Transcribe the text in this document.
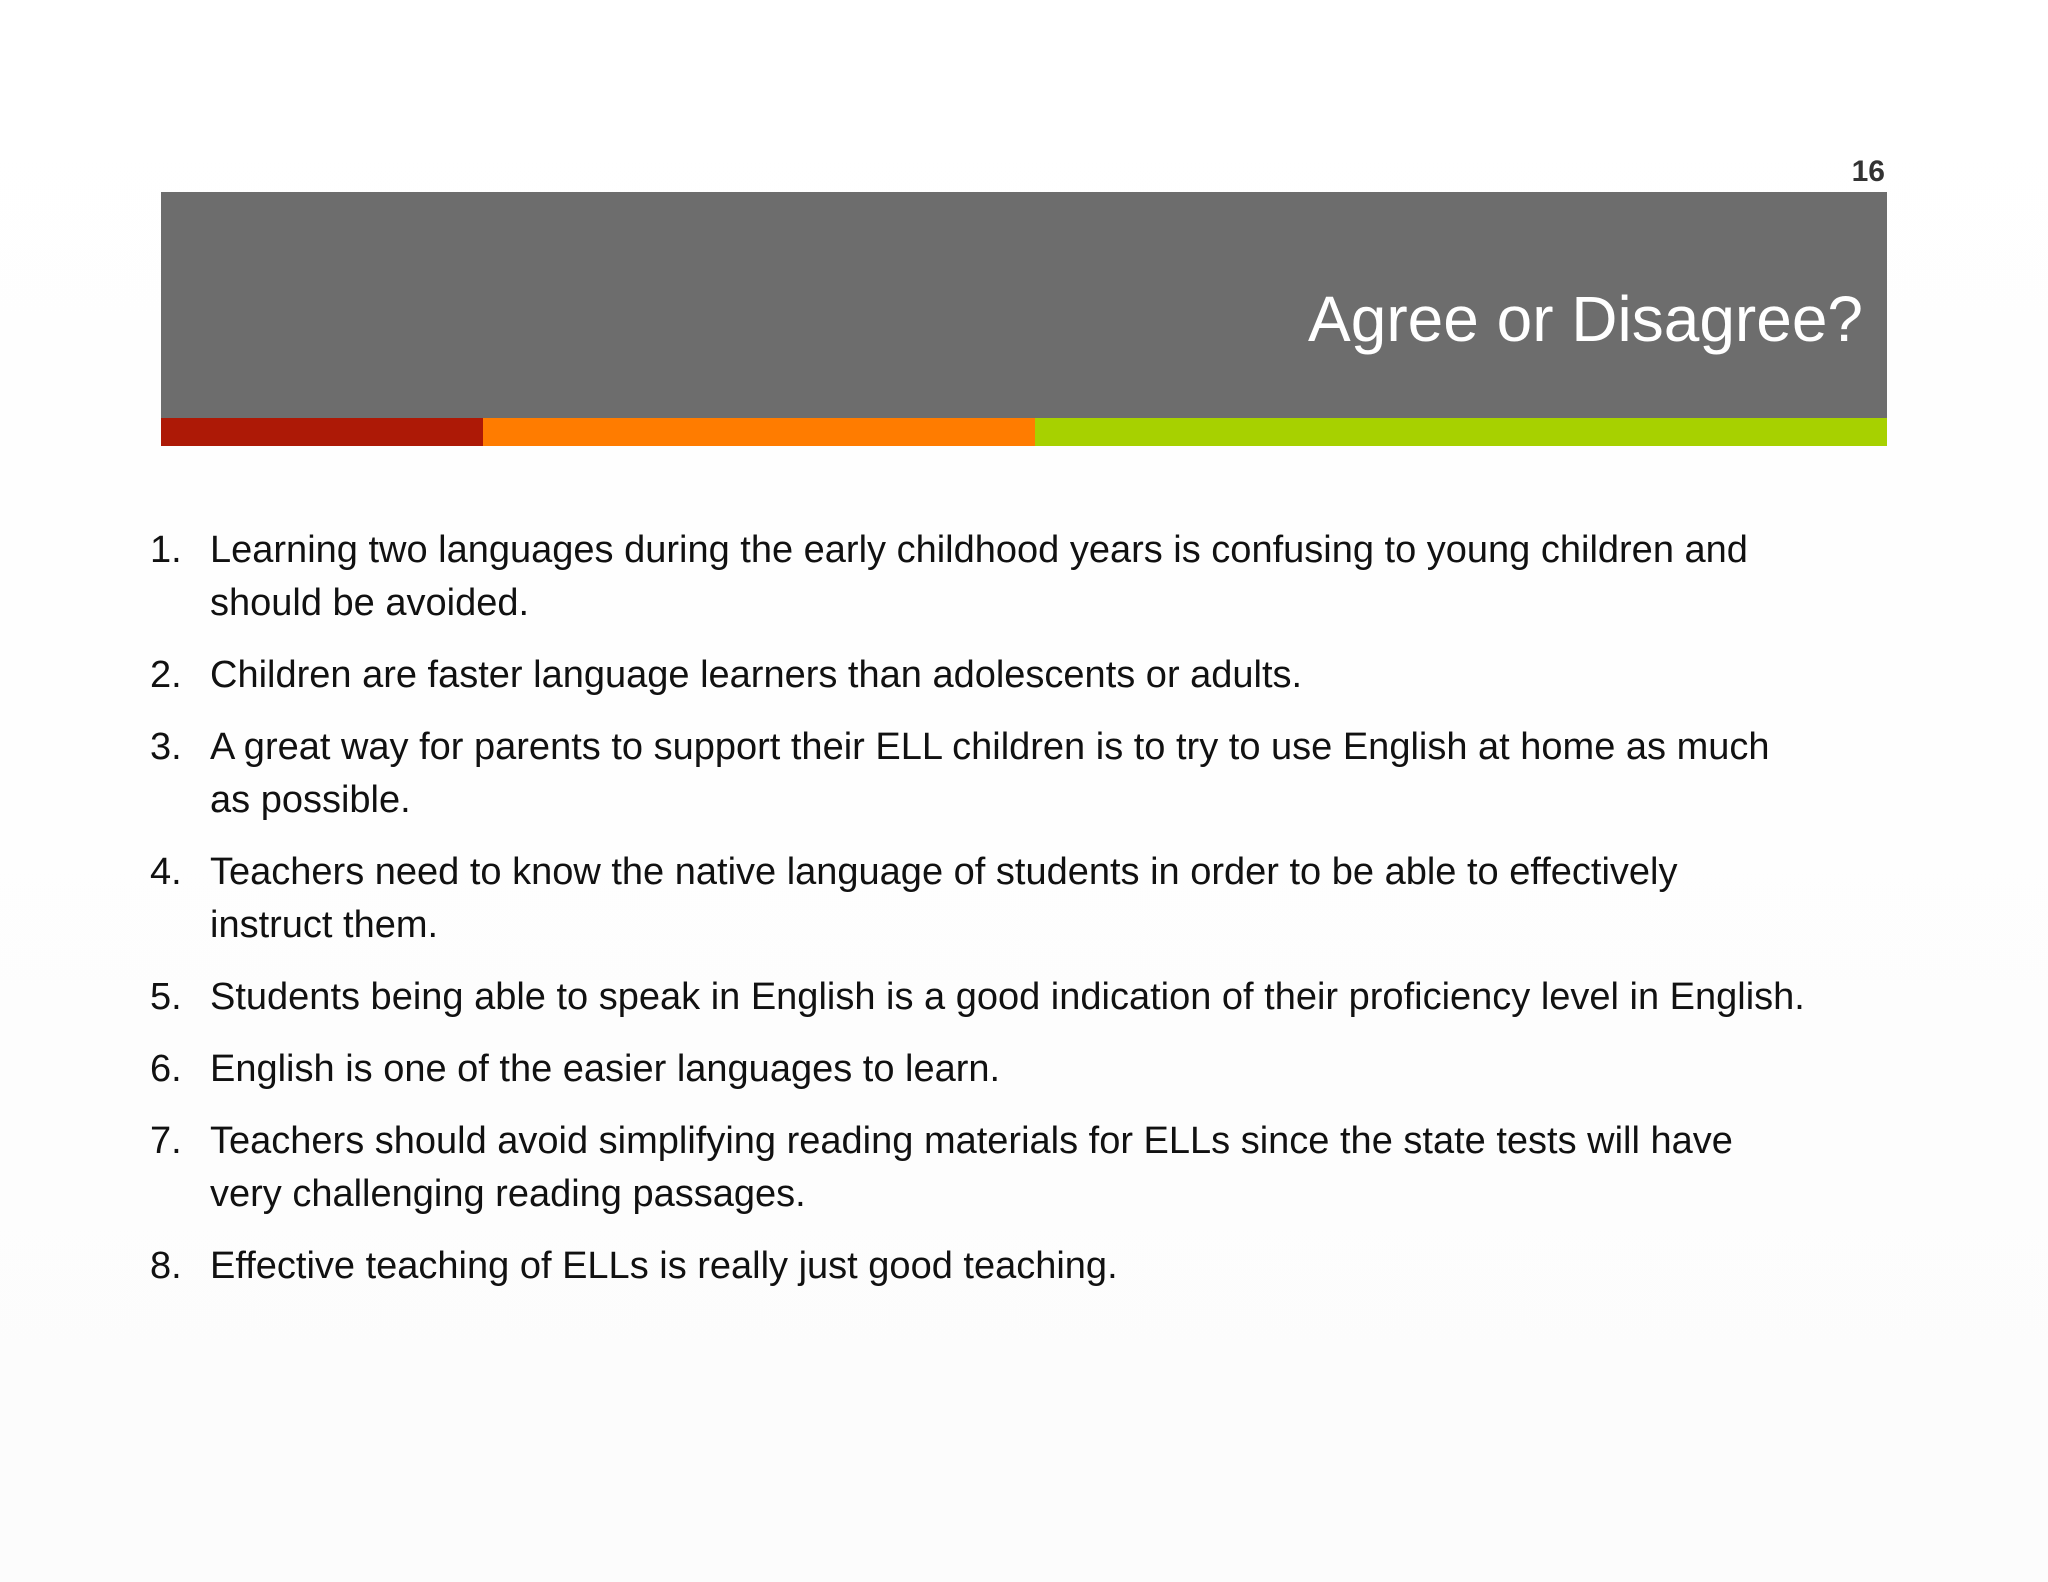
16
Agree or Disagree?
1. Learning two languages during the early childhood years is confusing to young children and
should be avoided.
2. Children are faster language learners than adolescents or adults.
3. A great way for parents to support their ELL children is to try to use English at home as much
as possible.
4. Teachers need to know the native language of students in order to be able to effectively
instruct them.
5. Students being able to speak in English is a good indication of their proficiency level in English.
6. English is one of the easier languages to learn.
7. Teachers should avoid simplifying reading materials for ELLs since the state tests will have
very challenging reading passages.
8. Effective teaching of ELLs is really just good teaching.
